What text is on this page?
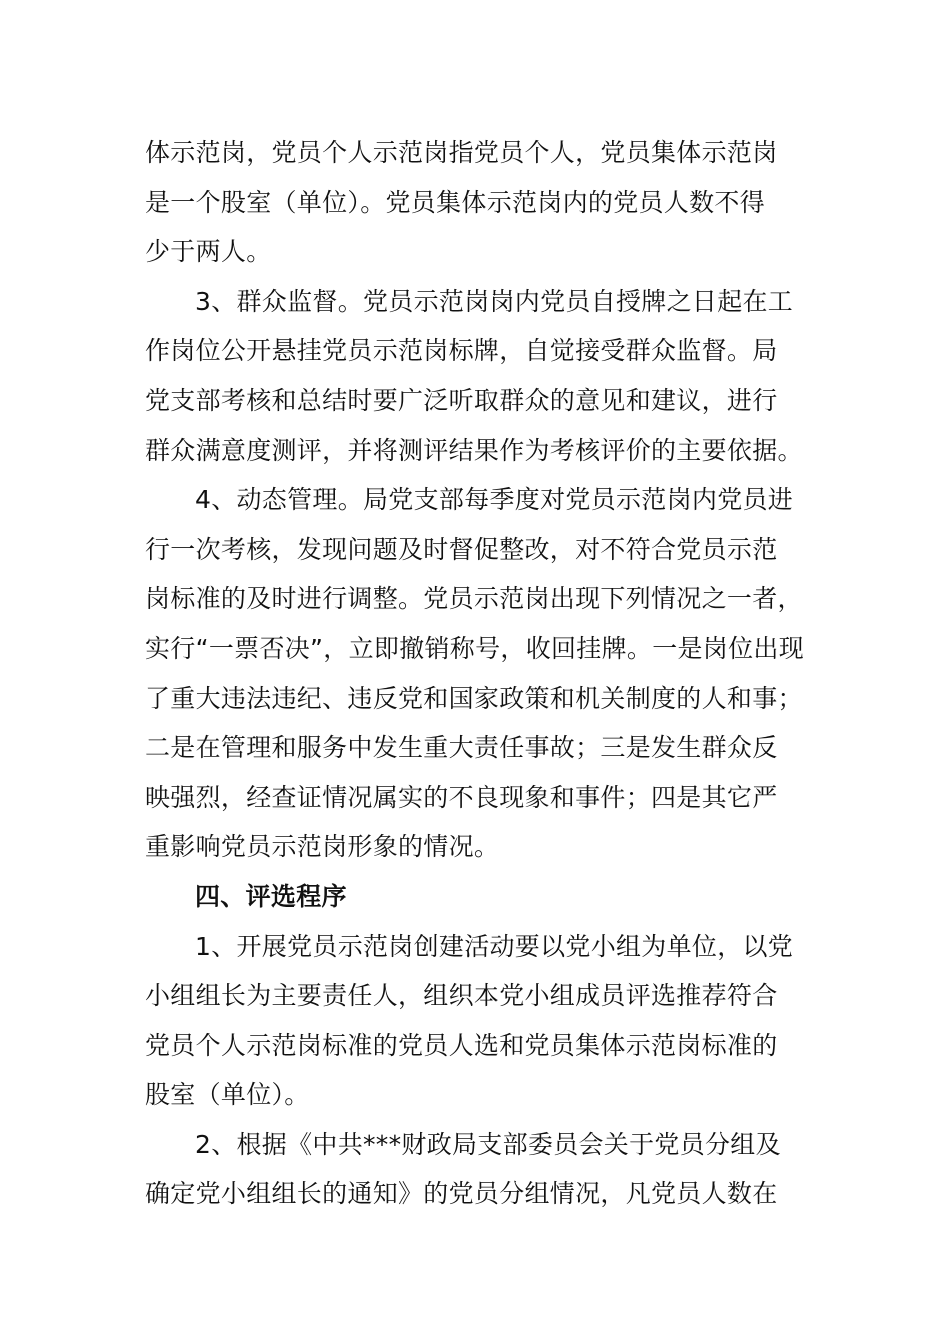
体示范岗，党员个人示范岗指党员个人，党员集体示范岗
是一个股室（单位）。党员集体示范岗内的党员人数不得
少于两人。
3、群众监督。党员示范岗岗内党员自授牌之日起在工
作岗位公开悬挂党员示范岗标牌，自觉接受群众监督。局
党支部考核和总结时要广泛听取群众的意见和建议，进行
群众满意度测评，并将测评结果作为考核评价的主要依据。
4、动态管理。局党支部每季度对党员示范岗内党员进
行一次考核，发现问题及时督促整改，对不符合党员示范
岗标准的及时进行调整。党员示范岗出现下列情况之一者，
实行“一票否决”，立即撤销称号，收回挂牌。一是岗位出现
了重大违法违纪、违反党和国家政策和机关制度的人和事；
二是在管理和服务中发生重大责任事故；三是发生群众反
映强烈，经查证情况属实的不良现象和事件；四是其它严
重影响党员示范岗形象的情况。
四、评选程序
1、开展党员示范岗创建活动要以党小组为单位，以党
小组组长为主要责任人，组织本党小组成员评选推荐符合
党员个人示范岗标准的党员人选和党员集体示范岗标准的
股室（单位）。
2、根据《中共***财政局支部委员会关于党员分组及
确定党小组组长的通知》的党员分组情况，凡党员人数在
